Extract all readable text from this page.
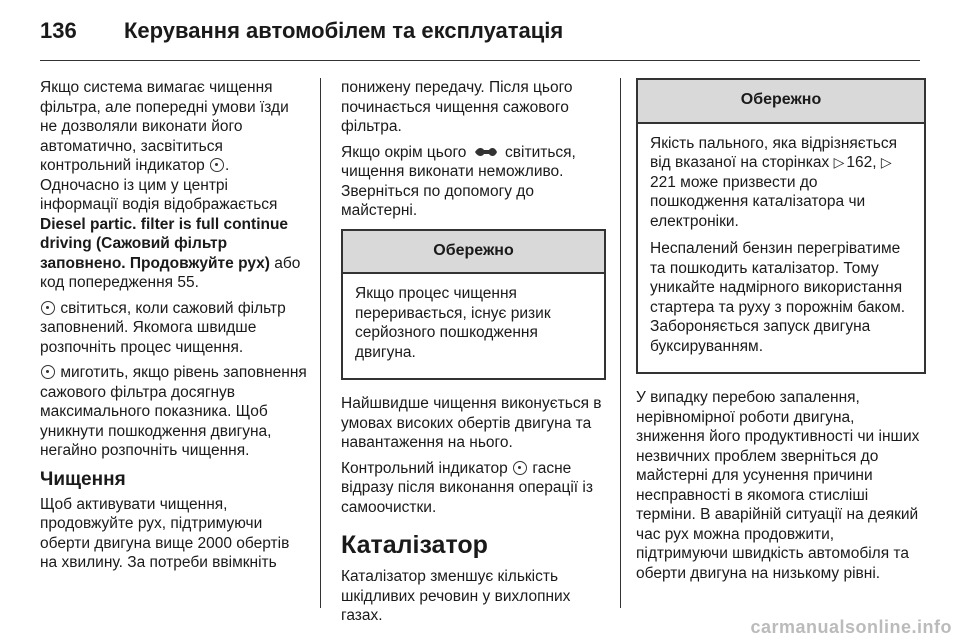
136 Керування автомобілем та експлуатація

Якщо система вимагає чищення фільтра, але попередні умови їзди не дозволяли виконати його автоматично, засвітиться контрольний індикатор . Одночасно із цим у центрі інформації водія відображається Diesel partic. filter is full continue driving (Сажовий фільтр заповнено. Продовжуйте рух) або код попередження 55.

світиться, коли сажовий фільтр заповнений. Якомога швидше розпочніть процес чищення.

миготить, якщо рівень заповнення сажового фільтра досягнув максимального показника. Щоб уникнути пошкодження двигуна, негайно розпочніть чищення.

Чищення

Щоб активувати чищення, продовжуйте рух, підтримуючи оберти двигуна вище 2000 обертів на хвилину. За потреби ввімкніть

понижену передачу. Після цього починається чищення сажового фільтра.

Якщо окрім цього світиться, чищення виконати неможливо. Зверніться по допомогу до майстерні.

Обережно

Якщо процес чищення переривається, існує ризик серйозного пошкодження двигуна.

Найшвидше чищення виконується в умовах високих обертів двигуна та навантаження на нього.

Контрольний індикатор гасне відразу після виконання операції із самоочистки.

Каталізатор

Каталізатор зменшує кількість шкідливих речовин у вихлопних газах.

Обережно

Якість пального, яка відрізняється від вказаної на сторінках ▷ 162, ▷221 може призвести до пошкодження каталізатора чи електроніки.

Неспалений бензин перегріватиме та пошкодить каталізатор. Тому уникайте надмірного використання стартера та руху з порожнім баком. Забороняється запуск двигуна буксируванням.

У випадку перебою запалення, нерівномірної роботи двигуна, зниження його продуктивності чи інших незвичних проблем зверніться до майстерні для усунення причини несправності в якомога стисліші терміни. В аварійній ситуації на деякий час рух можна продовжити, підтримуючи швидкість автомобіля та оберти двигуна на низькому рівні.

carmanualsonline.info
